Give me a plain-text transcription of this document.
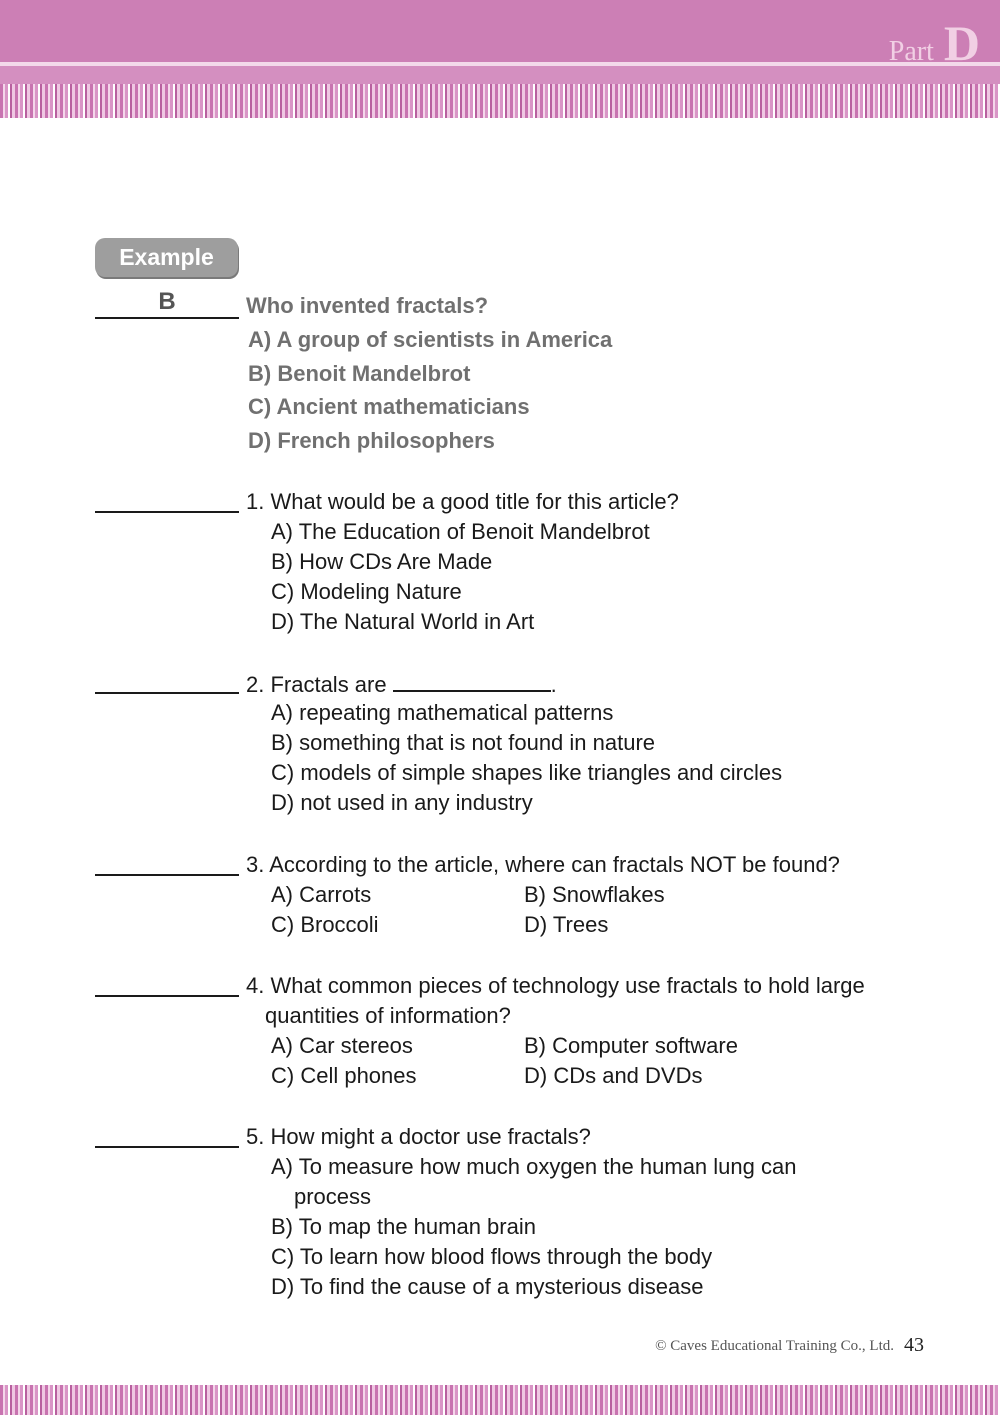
Part D
Example
B	Who invented fractals?
A) A group of scientists in America
B) Benoit Mandelbrot
C) Ancient mathematicians
D) French philosophers
1. What would be a good title for this article?
A) The Education of Benoit Mandelbrot
B) How CDs Are Made
C) Modeling Nature
D) The Natural World in Art
2. Fractals are	.
A) repeating mathematical patterns
B) something that is not found in nature
C) models of simple shapes like triangles and circles
D) not used in any industry
3. According to the article, where can fractals NOT be found?
A) Carrots	B) Snowflakes
C) Broccoli	D) Trees
4. What common pieces of technology use fractals to hold large
quantities of information?
A) Car stereos	B) Computer software
C) Cell phones	D) CDs and DVDs
5. How might a doctor use fractals?
A) To measure how much oxygen the human lung can
process
B) To map the human brain
C) To learn how blood flows through the body
D) To find the cause of a mysterious disease
© Caves Educational Training Co., Ltd. 43
